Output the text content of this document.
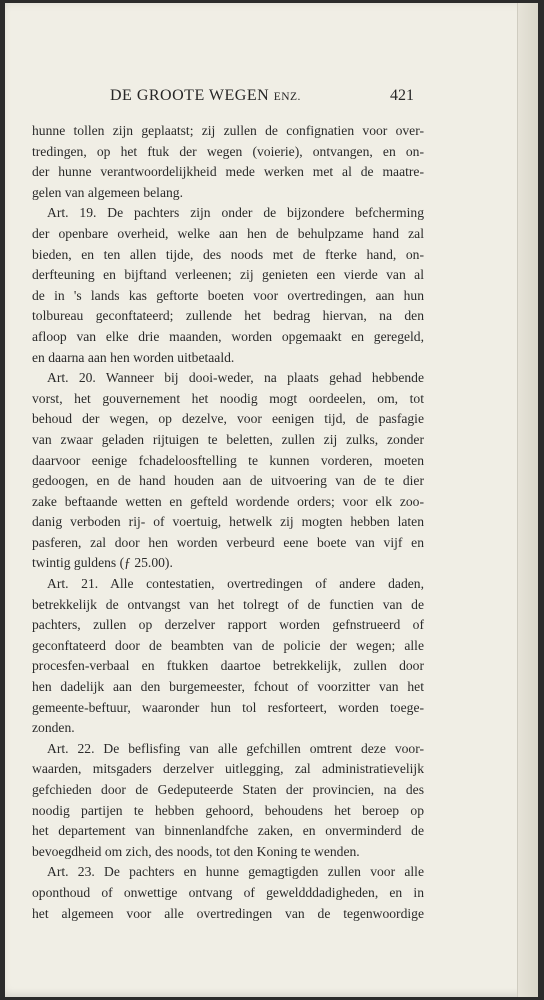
DE GROOTE WEGEN ENZ.	421
hunne tollen zijn geplaatst; zij zullen de confignatien voor over-
tredingen, op het ftuk der wegen (voierie), ontvangen, en on-
der hunne verantwoordelijkheid mede werken met al de maatre-
gelen van algemeen belang.
Art. 19. De pachters zijn onder de bijzondere befcherming
der openbare overheid, welke aan hen de behulpzame hand zal
bieden, en ten allen tijde, des noods met de fterke hand, on-
derfteuning en bijftand verleenen; zij genieten een vierde van al
de in 's lands kas geftorte boeten voor overtredingen, aan hun
tolbureau geconftateerd; zullende het bedrag hiervan, na den
afloop van elke drie maanden, worden opgemaakt en geregeld,
en daarna aan hen worden uitbetaald.
Art. 20. Wanneer bij dooi-weder, na plaats gehad hebbende
vorst, het gouvernement het noodig mogt oordeelen, om, tot
behoud der wegen, op dezelve, voor eenigen tijd, de pasfagie
van zwaar geladen rijtuigen te beletten, zullen zij zulks, zonder
daarvoor eenige fchadeloosftelling te kunnen vorderen, moeten
gedoogen, en de hand houden aan de uitvoering van de te dier
zake beftaande wetten en gefteld wordende orders; voor elk zoo-
danig verboden rij- of voertuig, hetwelk zij mogten hebben laten
pasferen, zal door hen worden verbeurd eene boete van vijf en
twintig guldens (ƒ 25.00).
Art. 21. Alle contestatien, overtredingen of andere daden,
betrekkelijk de ontvangst van het tolregt of de functien van de
pachters, zullen op derzelver rapport worden gefnstrueerd of
geconftateerd door de beambten van de policie der wegen; alle
procesfen-verbaal en ftukken daartoe betrekkelijk, zullen door
hen dadelijk aan den burgemeester, fchout of voorzitter van het
gemeente-beftuur, waaronder hun tol resforteert, worden toege-
zonden.
Art. 22. De beflisfing van alle gefchillen omtrent deze voor-
waarden, mitsgaders derzelver uitlegging, zal administratievelijk
gefchieden door de Gedeputeerde Staten der provincien, na des
noodig partijen te hebben gehoord, behoudens het beroep op
het departement van binnenlandfche zaken, en onverminderd de
bevoegdheid om zich, des noods, tot den Koning te wenden.
Art. 23. De pachters en hunne gemagtigden zullen voor alle
oponthoud of onwettige ontvang of geweldddadigheden, en in
het algemeen voor alle overtredingen van de tegenwoordige
